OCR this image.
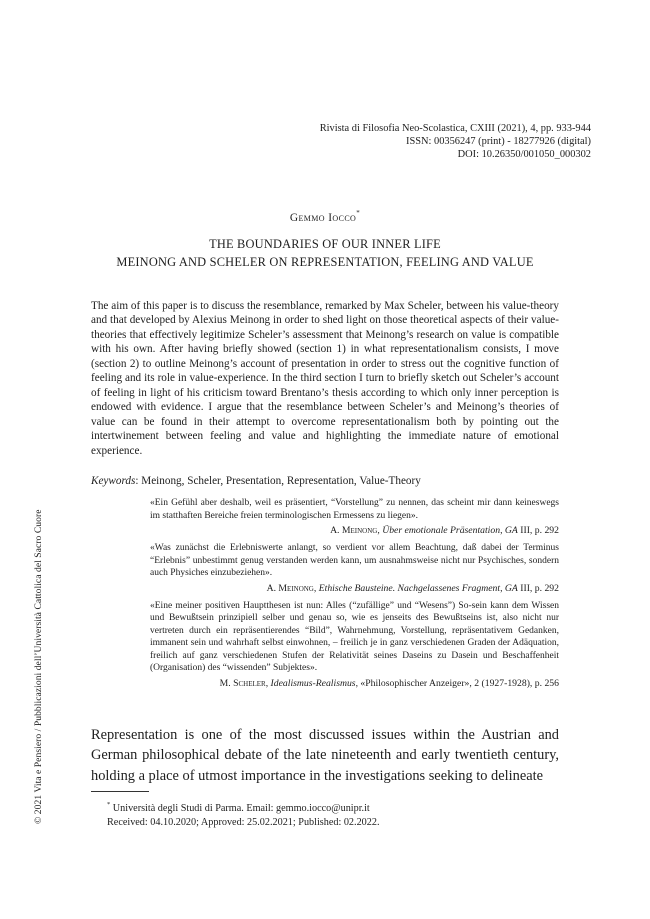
Rivista di Filosofia Neo-Scolastica, CXIII (2021), 4, pp. 933-944
ISSN: 00356247 (print) - 18277926 (digital)
DOI: 10.26350/001050_000302
Gemmo Iocco*
THE BOUNDARIES OF OUR INNER LIFE
MEINONG AND SCHELER ON REPRESENTATION, FEELING AND VALUE

The aim of this paper is to discuss the resemblance, remarked by Max Scheler, between his value-theory and that developed by Alexius Meinong in order to shed light on those theoretical aspects of their value-theories that effectively legitimize Scheler’s assessment that Meinong’s research on value is compatible with his own. After having briefly showed (section 1) in what representationalism consists, I move (section 2) to outline Meinong’s account of presentation in order to stress out the cognitive function of feeling and its role in value-experience. In the third section I turn to briefly sketch out Scheler’s account of feeling in light of his criticism toward Brentano’s thesis according to which only inner perception is endowed with evidence. I argue that the resemblance between Scheler’s and Meinong’s theories of value can be found in their attempt to overcome representationalism both by pointing out the intertwinement between feeling and value and highlighting the immediate nature of emotional experience.

Keywords: Meinong, Scheler, Presentation, Representation, Value-Theory

«Ein Gefühl aber deshalb, weil es präsentiert, “Vorstellung” zu nennen, das scheint mir dann keineswegs im statthaften Bereiche freien terminologischen Ermessens zu liegen».

A. Meinong, Über emotionale Präsentation, GA III, p. 292

«Was zunächst die Erlebniswerte anlangt, so verdient vor allem Beachtung, daß dabei der Terminus “Erlebnis” unbestimmt genug verstanden werden kann, um ausnahmsweise nicht nur Psychisches, sondern auch Physiches einzubeziehen».

A. Meinong, Ethische Bausteine. Nachgelassenes Fragment, GA III, p. 292

«Eine meiner positiven Hauptthesen ist nun: Alles (“zufällige” und “Wesens”) So-sein kann dem Wissen und Bewußtsein prinzipiell selber und genau so, wie es jenseits des Bewußtseins ist, also nicht nur vertreten durch ein repräsentierendes “Bild”, Wahrnehmung, Vorstellung, repräsentativem Gedanken, immanent sein und wahrhaft selbst einwohnen, – freilich je in ganz verschiedenen Graden der Adäquation, freilich auf ganz verschiedenen Stufen der Relativität seines Daseins zu Dasein und Beschaffenheit (Organisation) des “wissenden” Subjektes».

M. Scheler, Idealismus-Realismus, «Philosophischer Anzeiger», 2 (1927-1928), p. 256

Representation is one of the most discussed issues within the Austrian and German philosophical debate of the late nineteenth and early twentieth century, holding a place of utmost importance in the investigations seeking to delineate

* Università degli Studi di Parma. Email: gemmo.iocco@unipr.it
Received: 04.10.2020; Approved: 25.02.2021; Published: 02.2022.
© 2021 Vita e Pensiero / Pubblicazioni dell’Università Cattolica del Sacro Cuore
